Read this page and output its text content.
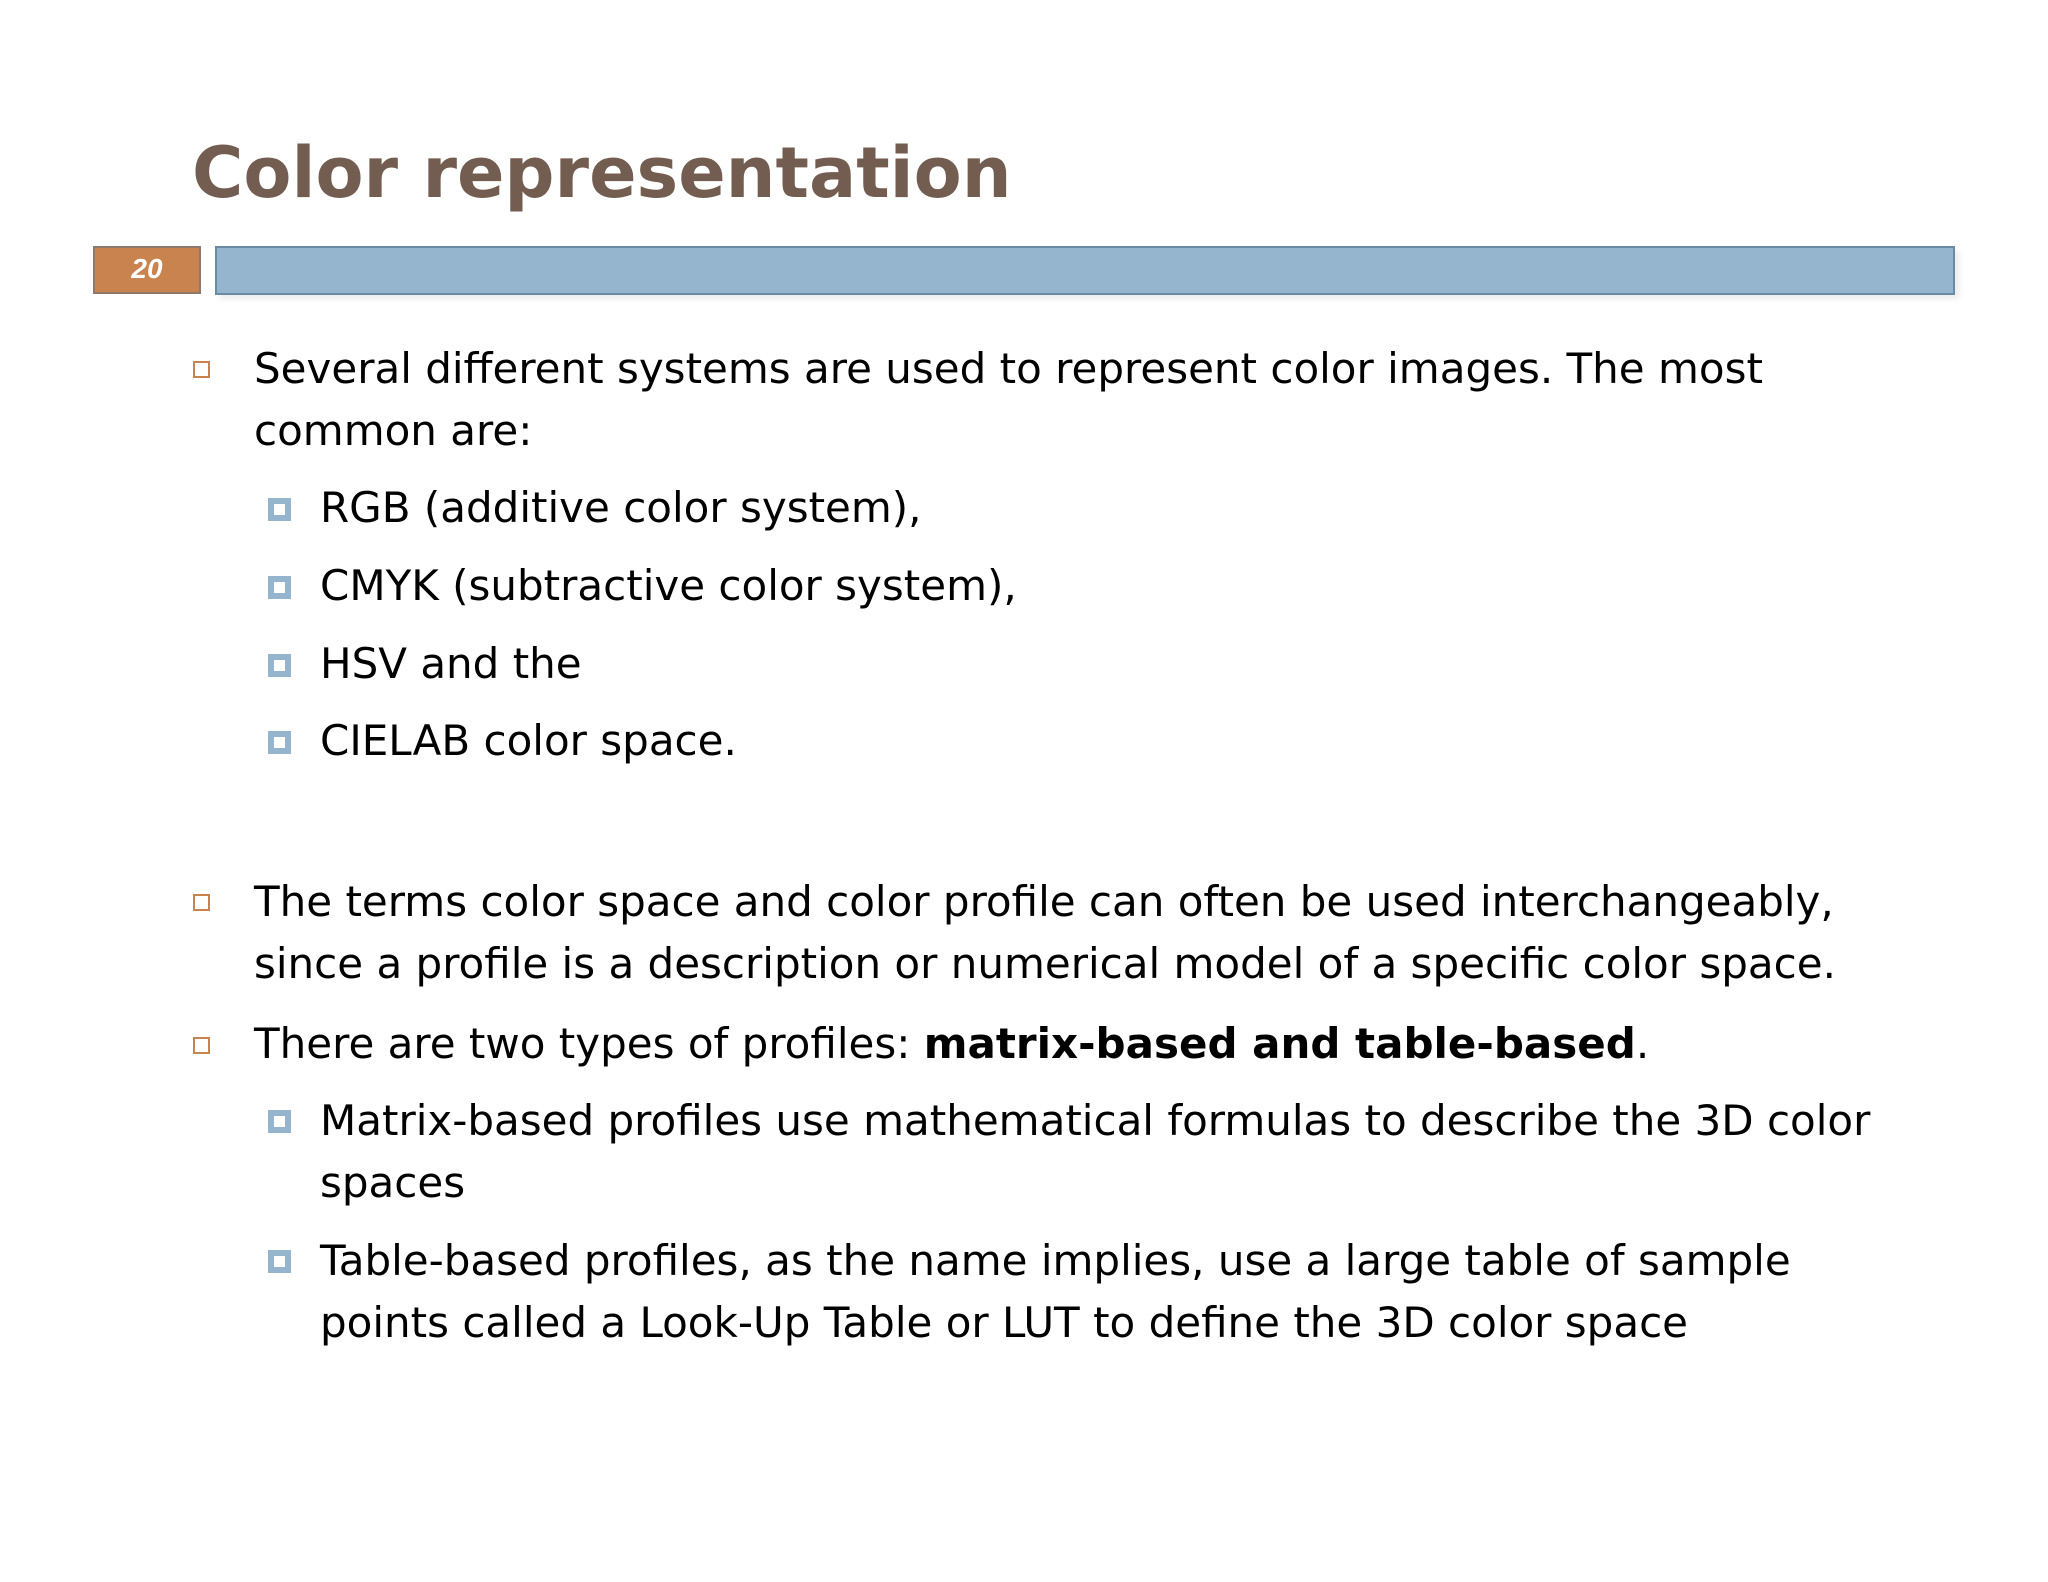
Color representation
20
Several different systems are used to represent color images. The most
common are:
RGB (additive color system),
CMYK (subtractive color system),
HSV and the
CIELAB color space.
The terms color space and color profile can often be used interchangeably,
since a profile is a description or numerical model of a specific color space.
There are two types of profiles: matrix-based and table-based.
Matrix-based profiles use mathematical formulas to describe the 3D color
spaces
Table-based profiles, as the name implies, use a large table of sample
points called a Look-Up Table or LUT to define the 3D color space
